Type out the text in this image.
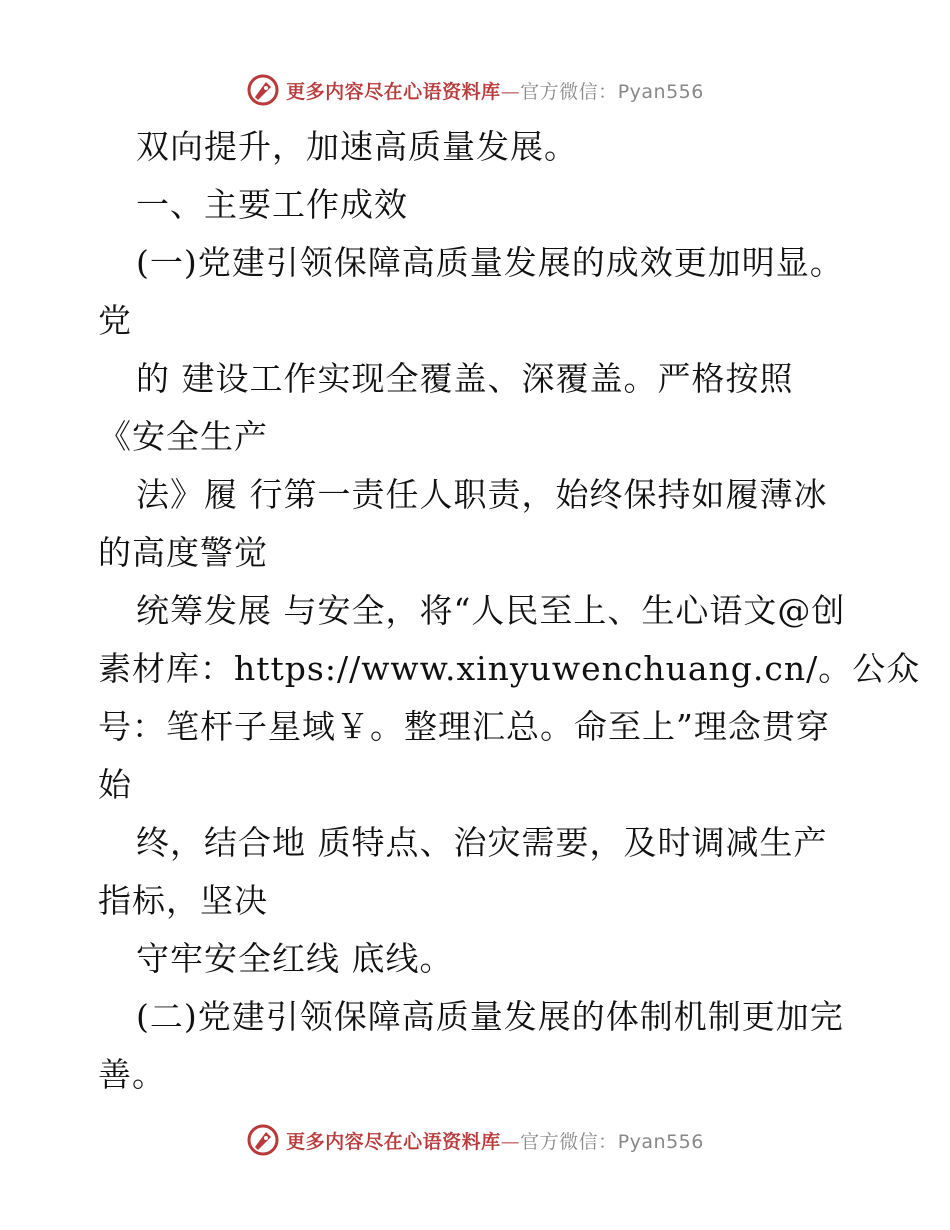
更多内容尽在心语资料库—官方微信：Pyan556
双向提升，加速高质量发展。
一、主要工作成效
(一)党建引领保障高质量发展的成效更加明显。
党
的 建设工作实现全覆盖、深覆盖。严格按照
《安全生产
法》履 行第一责任人职责，始终保持如履薄冰
的高度警觉
统筹发展 与安全，将“人民至上、生心语文@创
素材库：https://www.xinyuwenchuang.cn/。公众
号：笔杆子星域￥。整理汇总。命至上”理念贯穿
始
终，结合地 质特点、治灾需要，及时调减生产
指标，坚决
守牢安全红线 底线。
(二)党建引领保障高质量发展的体制机制更加完
善。
更多内容尽在心语资料库—官方微信：Pyan556
